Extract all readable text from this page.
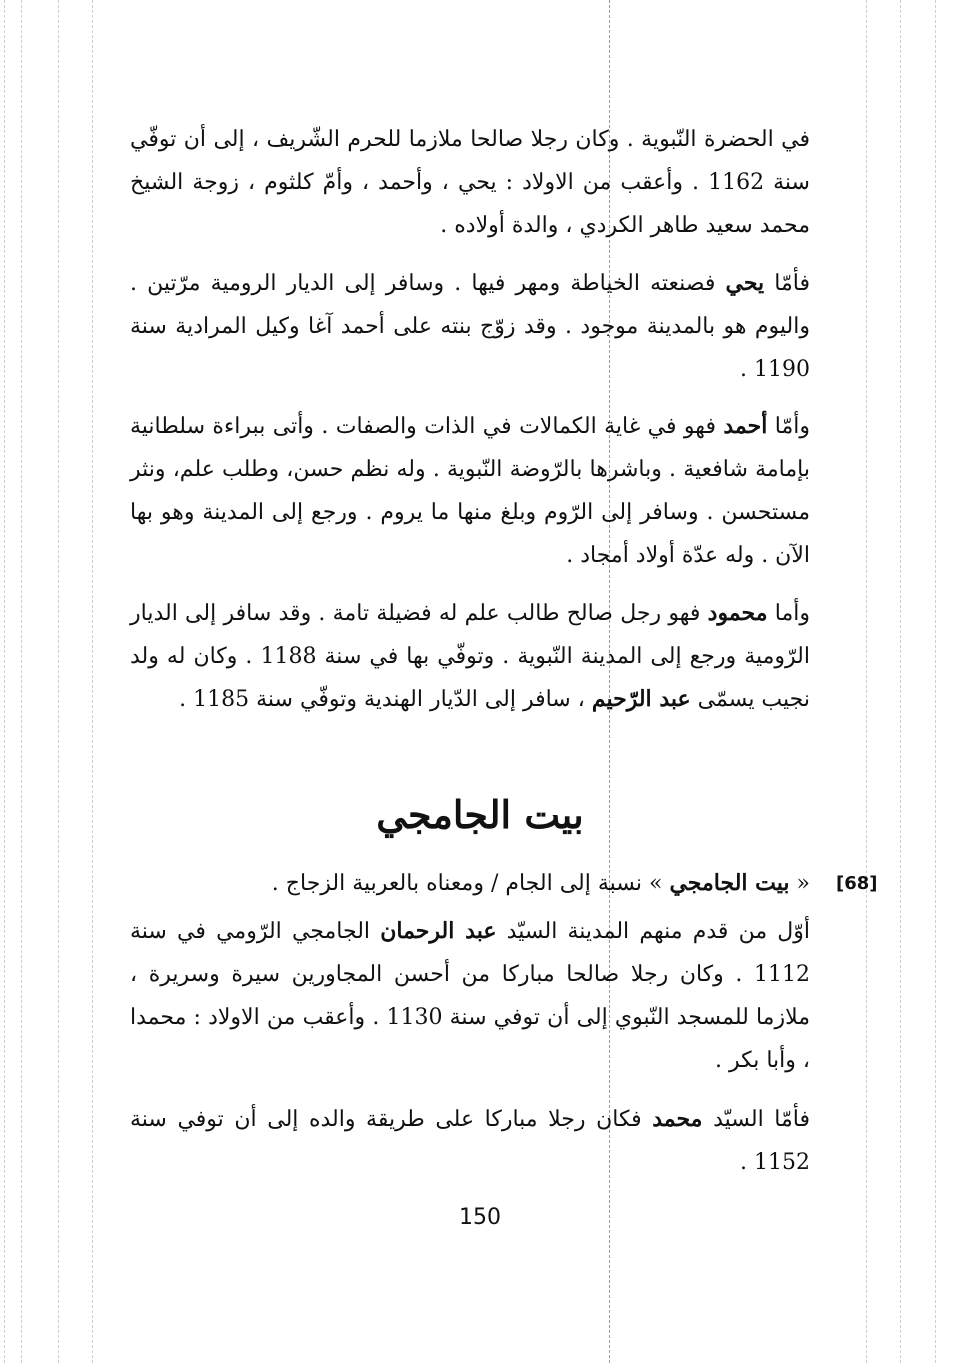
في الحضرة النّبوية . وكان رجلا صالحا ملازما للحرم الشّريف ، إلى أن توفّي سنة 1162 . وأعقب من الاولاد : يحي ، وأحمد ، وأمّ كلثوم ، زوجة الشيخ محمد سعيد طاهر الكردي ، والدة أولاده .

فأمّا يحي فصنعته الخياطة ومهر فيها . وسافر إلى الديار الرومية مرّتين . واليوم هو بالمدينة موجود . وقد زوّج بنته على أحمد آغا وكيل المرادية سنة 1190 .

وأمّا أحمد فهو في غاية الكمالات في الذات والصفات . وأتى ببراءة سلطانية بإمامة شافعية . وباشرها بالرّوضة النّبوية . وله نظم حسن، وطلب علم، ونثر مستحسن . وسافر إلى الرّوم وبلغ منها ما يروم . ورجع إلى المدينة وهو بها الآن . وله عدّة أولاد أمجاد .

وأما محمود فهو رجل صالح طالب علم له فضيلة تامة . وقد سافر إلى الديار الرّومية ورجع إلى المدينة النّبوية . وتوفّي بها في سنة 1188 . وكان له ولد نجيب يسمّى عبد الرّحيم ، سافر إلى الدّيار الهندية وتوفّي سنة 1185 .

بيت الجامجي
[68]

« بيت الجامجي » نسبة إلى الجام / ومعناه بالعربية الزجاج .

أوّل من قدم منهم المدينة السيّد عبد الرحمان الجامجي الرّومي في سنة 1112 . وكان رجلا صالحا مباركا من أحسن المجاورين سيرة وسريرة ، ملازما للمسجد النّبوي إلى أن توفي سنة 1130 . وأعقب من الاولاد : محمدا ، وأبا بكر .

فأمّا السيّد محمد فكان رجلا مباركا على طريقة والده إلى أن توفي سنة 1152 .

150
